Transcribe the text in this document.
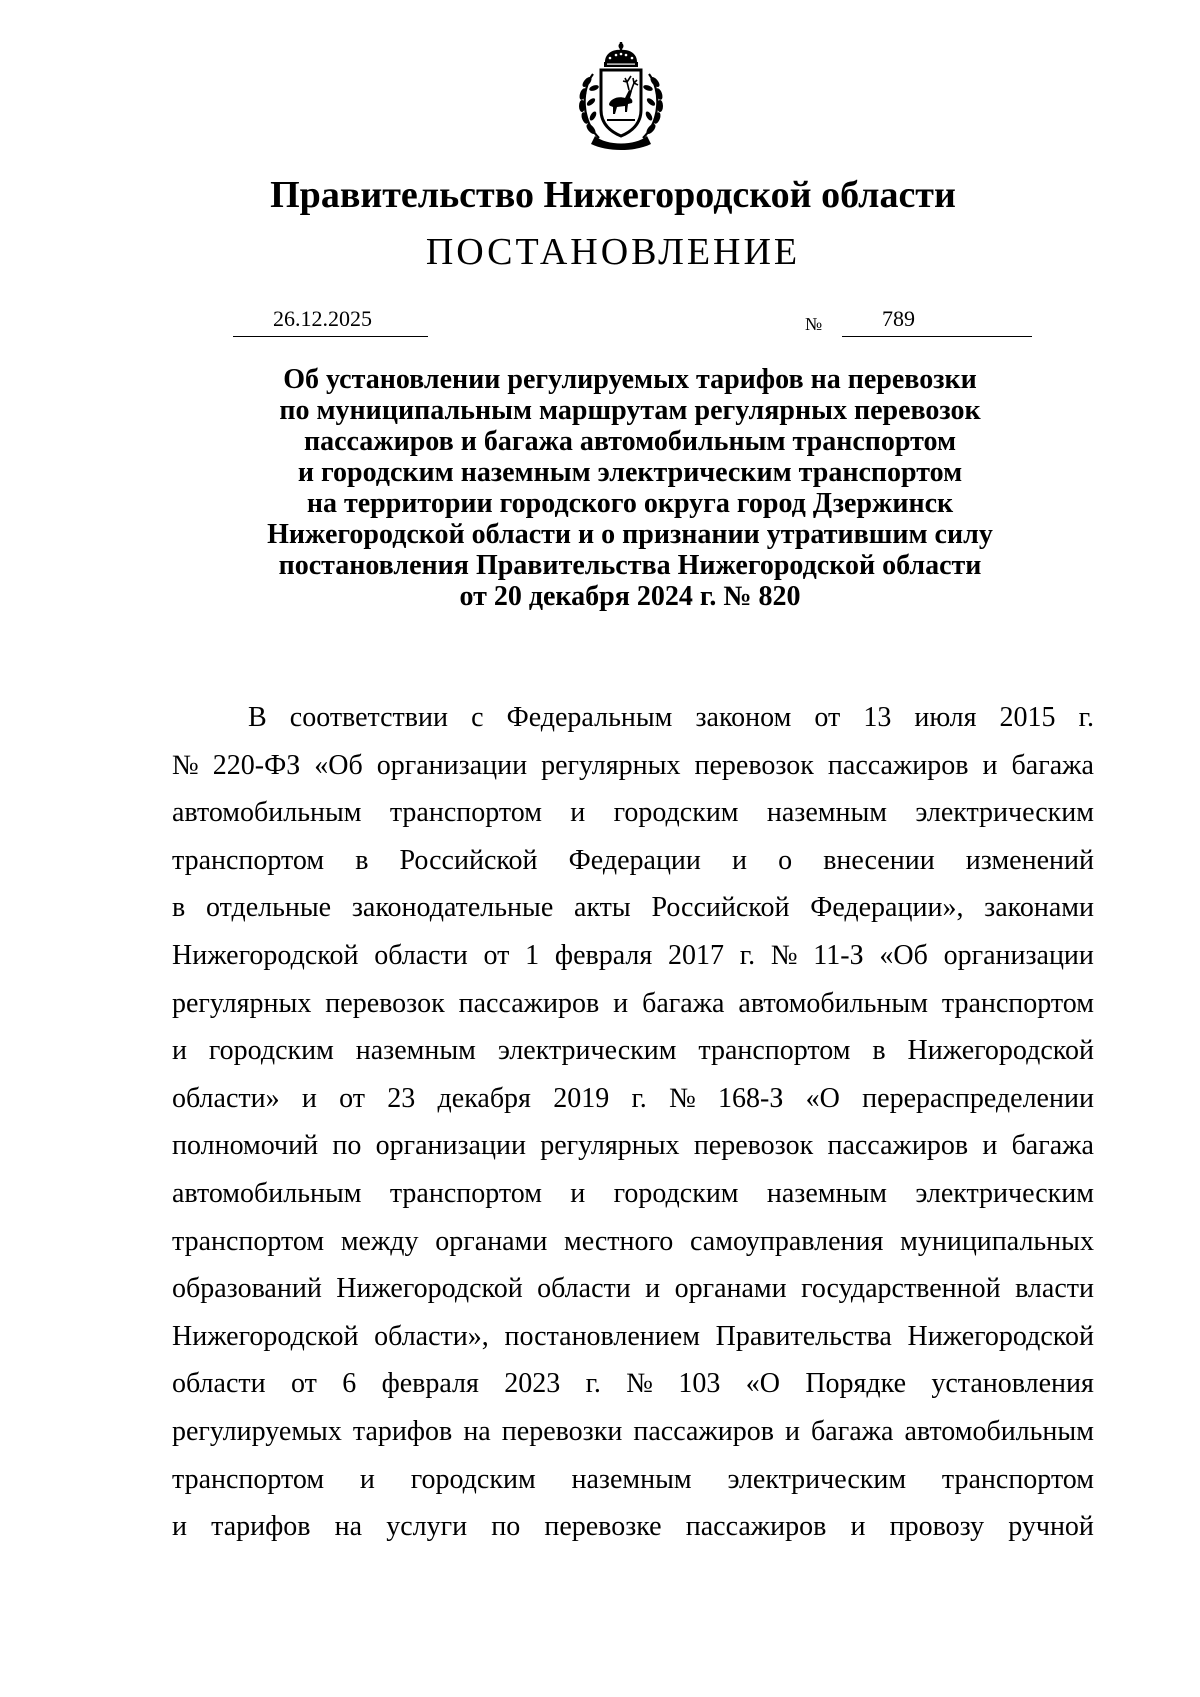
Правительство Нижегородской области
ПОСТАНОВЛЕНИЕ
26.12.2025	№	789
Об установлении регулируемых тарифов на перевозки
по муниципальным маршрутам регулярных перевозок
пассажиров и багажа автомобильным транспортом
и городским наземным электрическим транспортом
на территории городского округа город Дзержинск
Нижегородской области и о признании утратившим силу
постановления Правительства Нижегородской области
от 20 декабря 2024 г. № 820
В соответствии с Федеральным законом от 13 июля 2015 г.
№ 220-ФЗ «Об организации регулярных перевозок пассажиров и багажа
автомобильным транспортом и городским наземным электрическим
транспортом в Российской Федерации и о внесении изменений
в отдельные законодательные акты Российской Федерации», законами
Нижегородской области от 1 февраля 2017 г. № 11-З «Об организации
регулярных перевозок пассажиров и багажа автомобильным транспортом
и городским наземным электрическим транспортом в Нижегородской
области» и от 23 декабря 2019 г. № 168-З «О перераспределении
полномочий по организации регулярных перевозок пассажиров и багажа
автомобильным транспортом и городским наземным электрическим
транспортом между органами местного самоуправления муниципальных
образований Нижегородской области и органами государственной власти
Нижегородской области», постановлением Правительства Нижегородской
области от 6 февраля 2023 г. № 103 «О Порядке установления
регулируемых тарифов на перевозки пассажиров и багажа автомобильным
транспортом и городским наземным электрическим транспортом
и тарифов на услуги по перевозке пассажиров и провозу ручной
